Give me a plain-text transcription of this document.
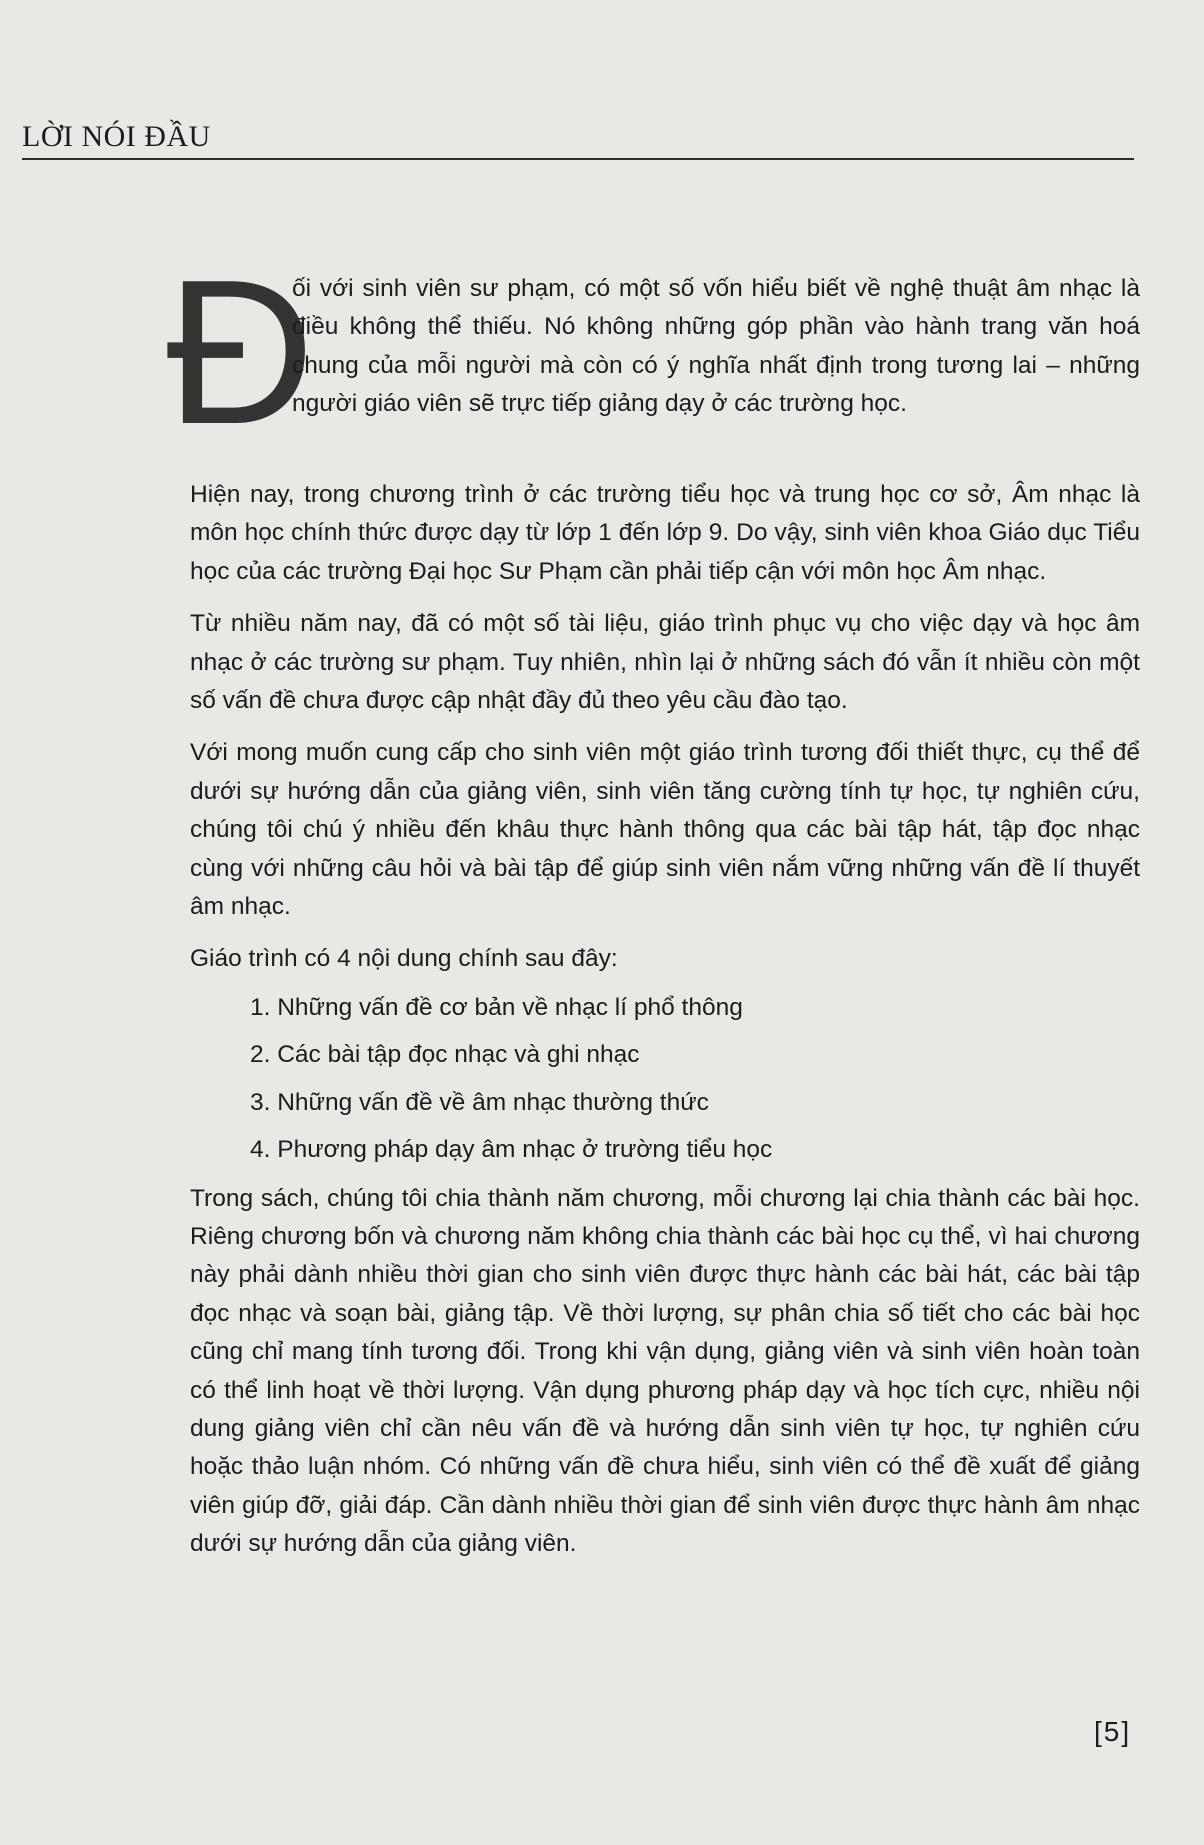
LỜI NÓI ĐẦU
Đ
ối với sinh viên sư phạm, có một số vốn hiểu biết về nghệ thuật âm nhạc là điều không thể thiếu. Nó không những góp phần vào hành trang văn hoá chung của mỗi người mà còn có ý nghĩa nhất định trong tương lai – những người giáo viên sẽ trực tiếp giảng dạy ở các trường học.

Hiện nay, trong chương trình ở các trường tiểu học và trung học cơ sở, Âm nhạc là môn học chính thức được dạy từ lớp 1 đến lớp 9. Do vậy, sinh viên khoa Giáo dục Tiểu học của các trường Đại học Sư Phạm cần phải tiếp cận với môn học Âm nhạc.

Từ nhiều năm nay, đã có một số tài liệu, giáo trình phục vụ cho việc dạy và học âm nhạc ở các trường sư phạm. Tuy nhiên, nhìn lại ở những sách đó vẫn ít nhiều còn một số vấn đề chưa được cập nhật đầy đủ theo yêu cầu đào tạo.

Với mong muốn cung cấp cho sinh viên một giáo trình tương đối thiết thực, cụ thể để dưới sự hướng dẫn của giảng viên, sinh viên tăng cường tính tự học, tự nghiên cứu, chúng tôi chú ý nhiều đến khâu thực hành thông qua các bài tập hát, tập đọc nhạc cùng với những câu hỏi và bài tập để giúp sinh viên nắm vững những vấn đề lí thuyết âm nhạc.

Giáo trình có 4 nội dung chính sau đây:

1. Những vấn đề cơ bản về nhạc lí phổ thông
2. Các bài tập đọc nhạc và ghi nhạc
3. Những vấn đề về âm nhạc thường thức
4. Phương pháp dạy âm nhạc ở trường tiểu học

Trong sách, chúng tôi chia thành năm chương, mỗi chương lại chia thành các bài học. Riêng chương bốn và chương năm không chia thành các bài học cụ thể, vì hai chương này phải dành nhiều thời gian cho sinh viên được thực hành các bài hát, các bài tập đọc nhạc và soạn bài, giảng tập. Về thời lượng, sự phân chia số tiết cho các bài học cũng chỉ mang tính tương đối. Trong khi vận dụng, giảng viên và sinh viên hoàn toàn có thể linh hoạt về thời lượng. Vận dụng phương pháp dạy và học tích cực, nhiều nội dung giảng viên chỉ cần nêu vấn đề và hướng dẫn sinh viên tự học, tự nghiên cứu hoặc thảo luận nhóm. Có những vấn đề chưa hiểu, sinh viên có thể đề xuất để giảng viên giúp đỡ, giải đáp. Cần dành nhiều thời gian để sinh viên được thực hành âm nhạc dưới sự hướng dẫn của giảng viên.

[5]
